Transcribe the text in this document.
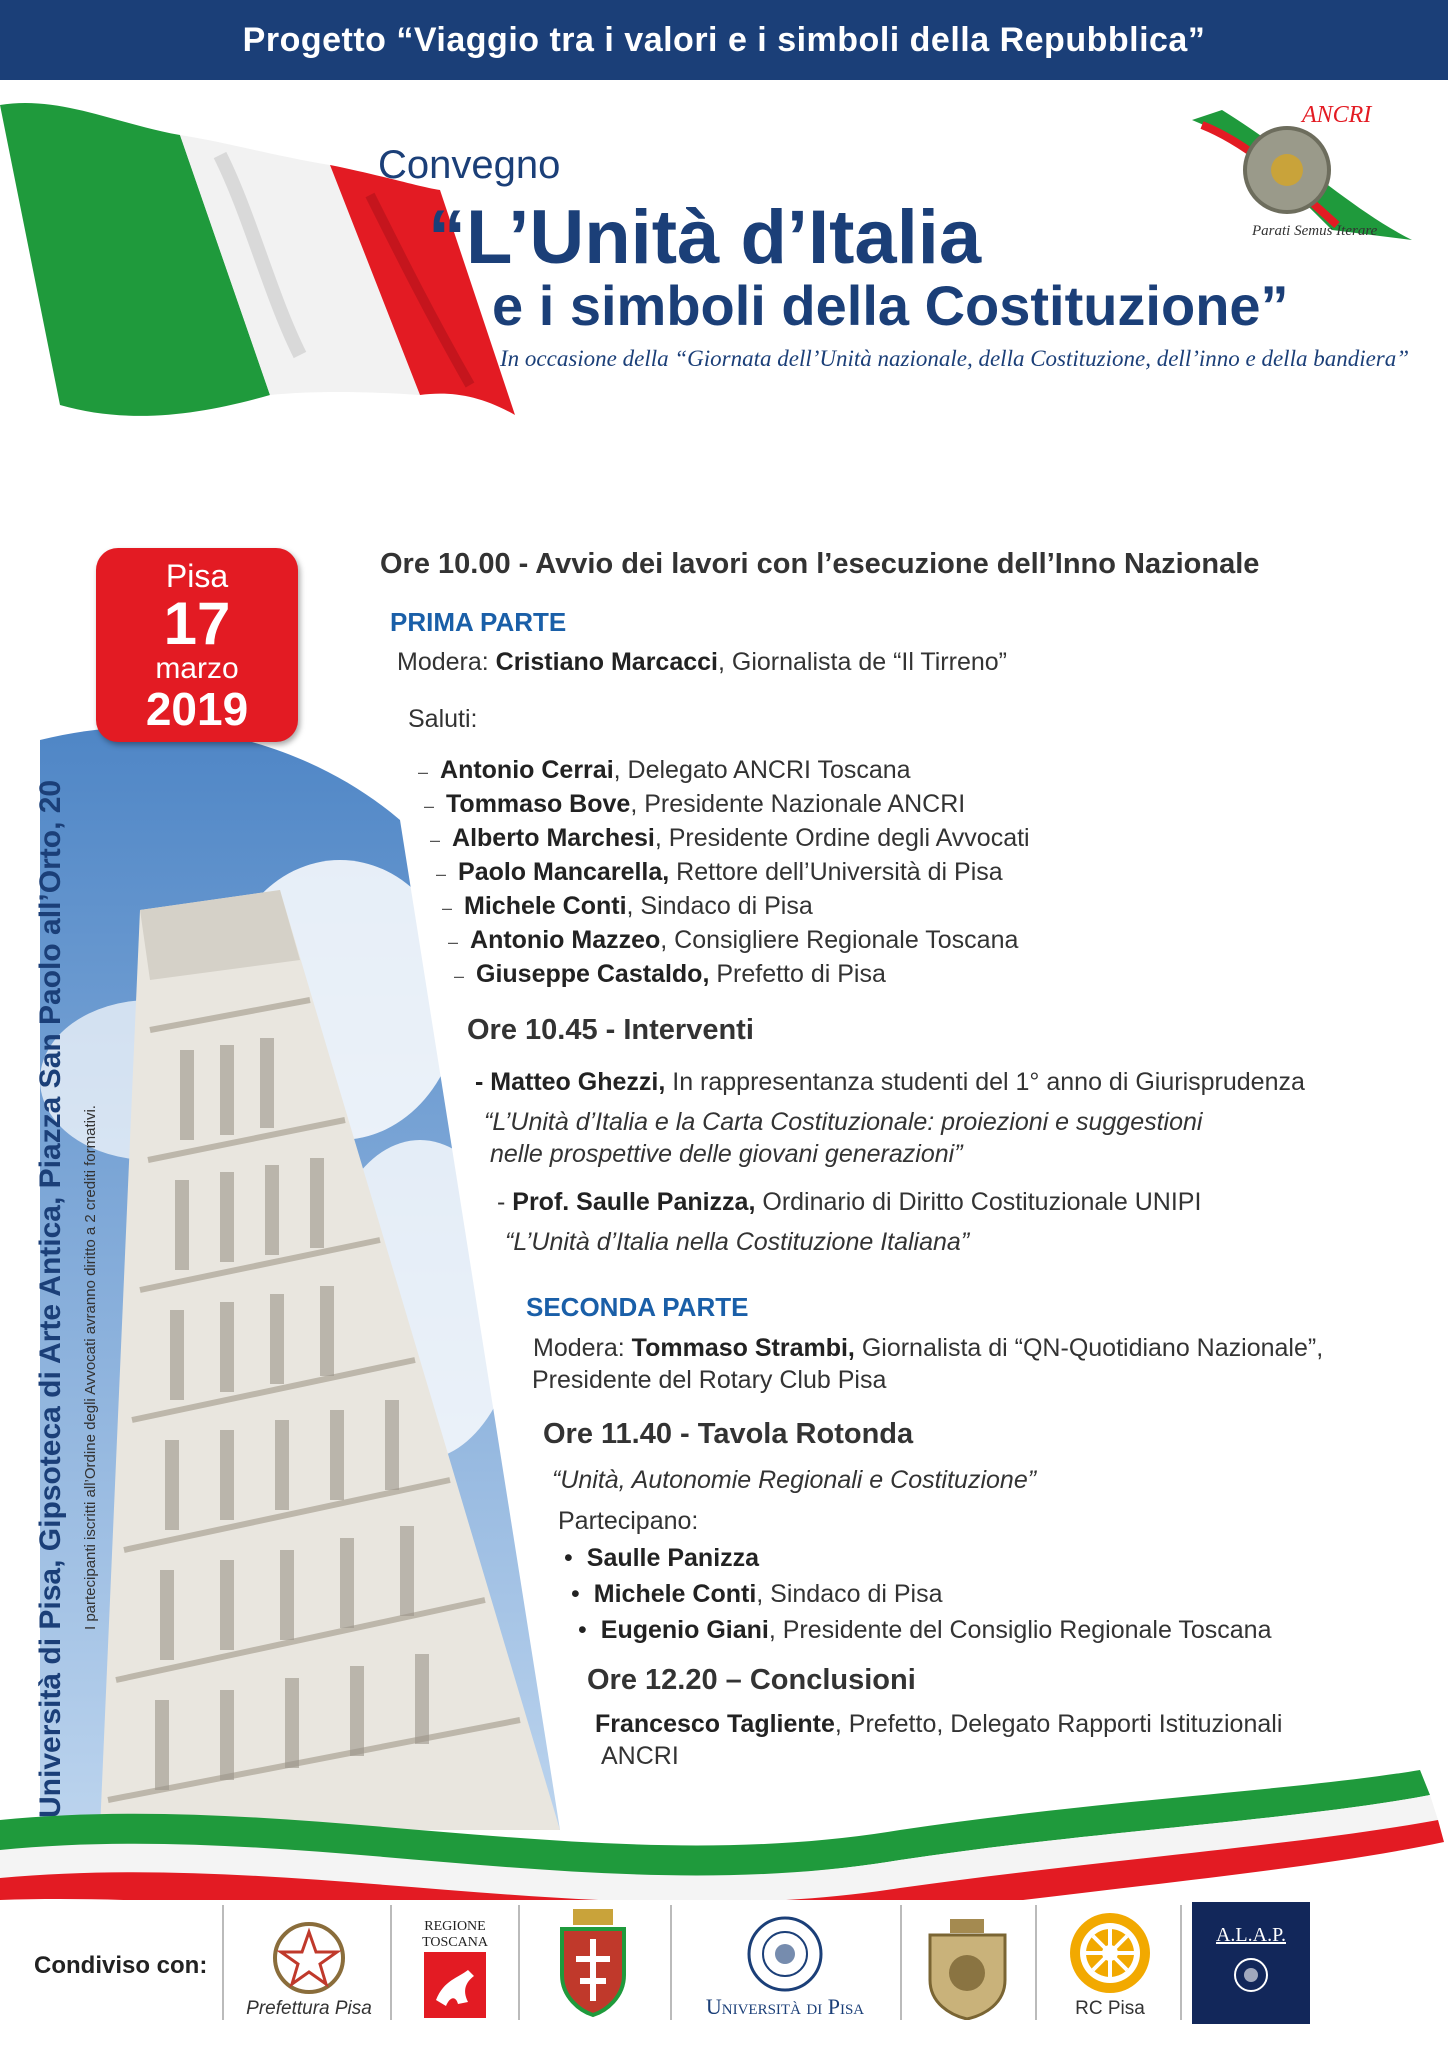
Progetto “Viaggio tra i valori e i simboli della Repubblica”
ANCRI
Parati Semus Iterare
Convegno
“L’Unità d’Italia
e i simboli della Costituzione”
In occasione della “Giornata dell’Unità nazionale, della Costituzione, dell’inno e della bandiera”
Pisa
17
marzo
2019
Università di Pisa, Gipsoteca di Arte Antica, Piazza San Paolo all’Orto, 20 I partecipanti iscritti all’Ordine degli Avvocati avranno diritto a 2 crediti formativi.
Ore 10.00 - Avvio dei lavori con l’esecuzione dell’Inno Nazionale
PRIMA PARTE
Modera: Cristiano Marcacci, Giornalista de “Il Tirreno”
Saluti:
– Antonio Cerrai, Delegato ANCRI Toscana
– Tommaso Bove, Presidente Nazionale ANCRI
– Alberto Marchesi, Presidente Ordine degli Avvocati
– Paolo Mancarella, Rettore dell’Università di Pisa
– Michele Conti, Sindaco di Pisa
– Antonio Mazzeo, Consigliere Regionale Toscana
– Giuseppe Castaldo, Prefetto di Pisa
Ore 10.45 - Interventi
- Matteo Ghezzi, In rappresentanza studenti del 1° anno di Giurisprudenza
“L’Unità d’Italia e la Carta Costituzionale: proiezioni e suggestioni
nelle prospettive delle giovani generazioni”
- Prof. Saulle Panizza, Ordinario di Diritto Costituzionale UNIPI
“L’Unità d’Italia nella Costituzione Italiana”
SECONDA PARTE
Modera: Tommaso Strambi, Giornalista di “QN-Quotidiano Nazionale”,
Presidente del Rotary Club Pisa
Ore 11.40 - Tavola Rotonda
“Unità, Autonomie Regionali e Costituzione”
Partecipano:
• Saulle Panizza
• Michele Conti, Sindaco di Pisa
• Eugenio Giani, Presidente del Consiglio Regionale Toscana
Ore 12.20 – Conclusioni
Francesco Tagliente, Prefetto, Delegato Rapporti Istituzionali
ANCRI
Condiviso con:
Prefettura Pisa
REGIONE TOSCANA
Università di Pisa	RC Pisa
A.L.A.P.
